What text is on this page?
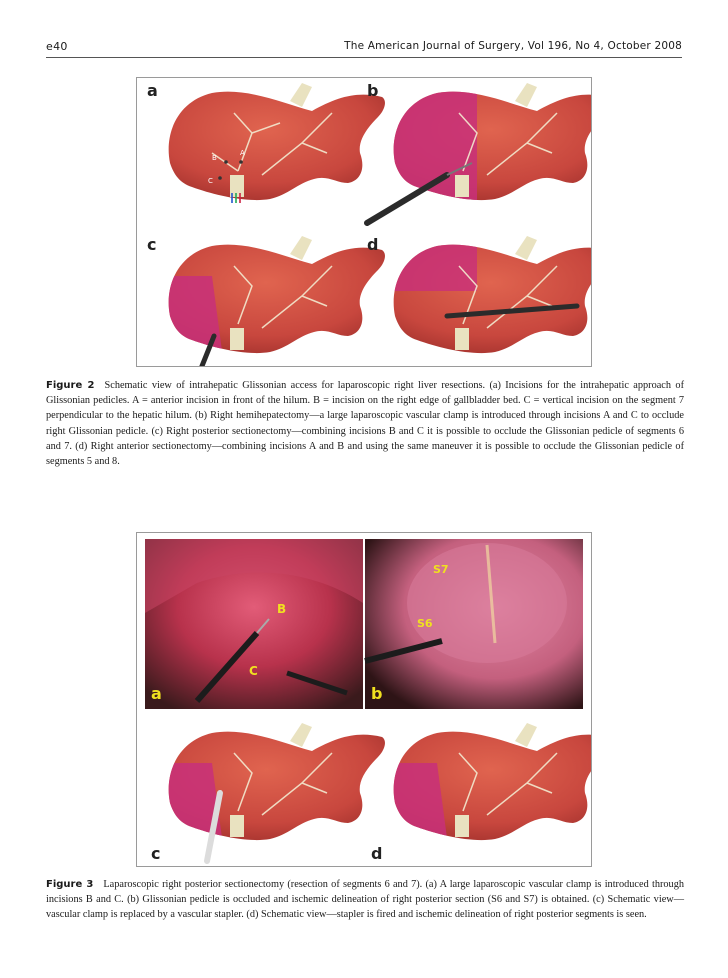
e40	The American Journal of Surgery, Vol 196, No 4, October 2008
B
A
C
a	b
c	d
Figure 2 Schematic view of intrahepatic Glissonian access for laparoscopic right liver resections. (a) Incisions for the intrahepatic approach of Glissonian pedicles. A = anterior incision in front of the hilum. B = incision on the right edge of gallbladder bed. C = vertical incision on the segment 7 perpendicular to the hepatic hilum. (b) Right hemihepatectomy—a large laparoscopic vascular clamp is introduced through incisions A and C to occlude right Glissonian pedicle. (c) Right posterior sectionectomy—combining incisions B and C it is possible to occlude the Glissonian pedicle of segments 6 and 7. (d) Right anterior sectionectomy—combining incisions A and B and using the same maneuver it is possible to occlude the Glissonian pedicle of segments 5 and 8.
B
C
a
S7
S6
b
c	d
Figure 3 Laparoscopic right posterior sectionectomy (resection of segments 6 and 7). (a) A large laparoscopic vascular clamp is introduced through incisions B and C. (b) Glissonian pedicle is occluded and ischemic delineation of right posterior section (S6 and S7) is obtained. (c) Schematic view—vascular clamp is replaced by a vascular stapler. (d) Schematic view—stapler is fired and ischemic delineation of right posterior segments is seen.
